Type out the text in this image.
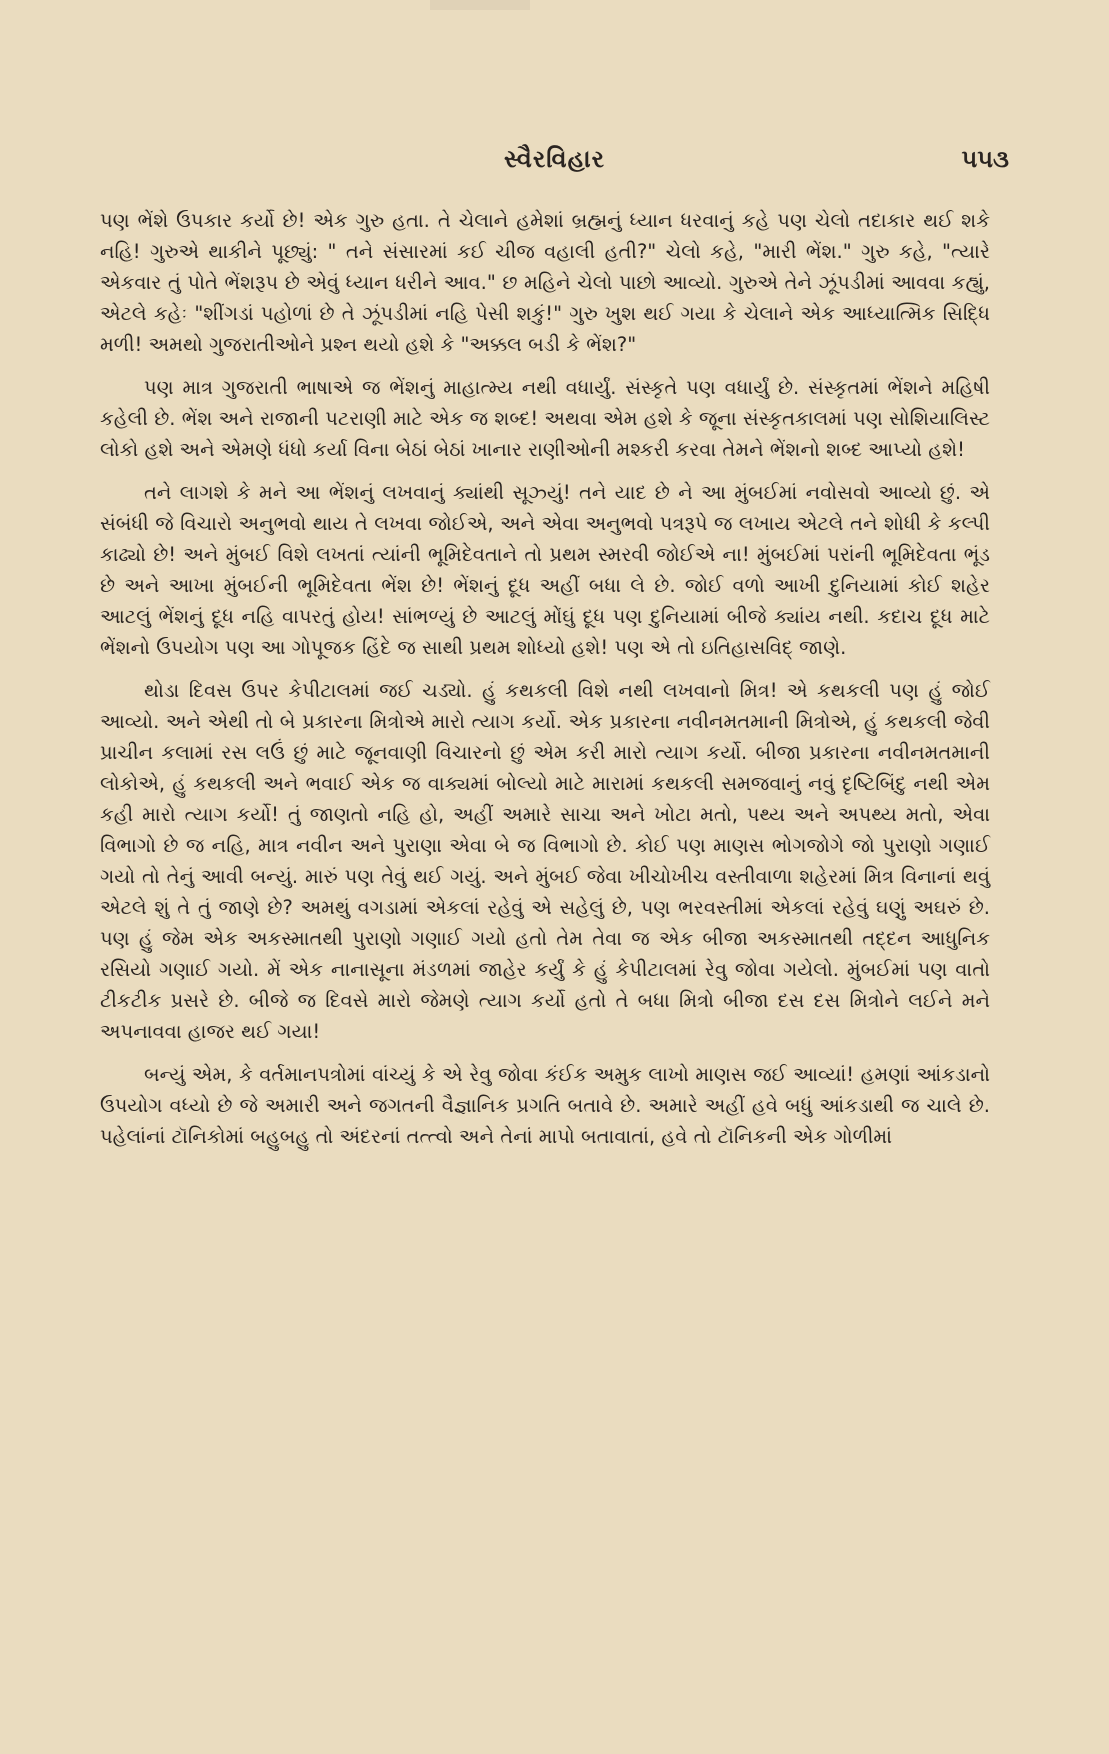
સ્વૈરવિહાર	૫૫૩

પણ ભેંશે ઉપકાર કર્યો છે! એક ગુરુ હતા. તે ચેલાને હમેશાં બ્રહ્મનું ધ્યાન ધરવાનું કહે પણ ચેલો તદાકાર થઈ શકે નહિ! ગુરુએ થાકીને પૂછ્યું: " તને સંસારમાં કઈ ચીજ વહાલી હતી?" ચેલો કહે, "મારી ભેંશ." ગુરુ કહે, "ત્યારે એકવાર તું પોતે ભેંશરૂપ છે એવું ધ્યાન ધરીને આવ." છ મહિને ચેલો પાછો આવ્યો. ગુરુએ તેને ઝૂંપડીમાં આવવા કહ્યું, એટલે કહેઃ "શીંગડાં પહોળાં છે તે ઝૂંપડીમાં નહિ પેસી શકું!" ગુરુ ખુશ થઈ ગયા કે ચેલાને એક આધ્યાત્મિક સિદ્ધિ મળી! અમથો ગુજરાતીઓને પ્રશ્ન થયો હશે કે "અક્કલ બડી કે ભેંશ?"

પણ માત્ર ગુજરાતી ભાષાએ જ ભેંશનું માહાત્મ્ય નથી વધાર્યું. સંસ્કૃતે પણ વધાર્યું છે. સંસ્કૃતમાં ભેંશને મહિષી કહેલી છે. ભેંશ અને રાજાની પટરાણી માટે એક જ શબ્દ! અથવા એમ હશે કે જૂના સંસ્કૃતકાલમાં પણ સોશિયાલિસ્ટ લોકો હશે અને એમણે ધંધો કર્યા વિના બેઠાં બેઠાં ખાનાર રાણીઓની મશ્કરી કરવા તેમને ભેંશનો શબ્દ આપ્યો હશે!

તને લાગશે કે મને આ ભેંશનું લખવાનું ક્યાંથી સૂઝ્યું! તને યાદ છે ને આ મુંબઈમાં નવોસવો આવ્યો છું. એ સંબંધી જે વિચારો અનુભવો થાય તે લખવા જોઈએ, અને એવા અનુભવો પત્રરૂપે જ લખાય એટલે તને શોધી કે કલ્પી કાઢ્યો છે! અને મુંબઈ વિશે લખતાં ત્યાંની ભૂમિદેવતાને તો પ્રથમ સ્મરવી જોઈએ ના! મુંબઈમાં પરાંની ભૂમિદેવતા ભૂંડ છે અને આખા મુંબઈની ભૂમિદેવતા ભેંશ છે! ભેંશનું દૂધ અહીં બધા લે છે. જોઈ વળો આખી દુનિયામાં કોઈ શહેર આટલું ભેંશનું દૂધ નહિ વાપરતું હોય! સાંભળ્યું છે આટલું મોંઘું દૂધ પણ દુનિયામાં બીજે ક્યાંય નથી. કદાચ દૂધ માટે ભેંશનો ઉપયોગ પણ આ ગોપૂજક હિંદે જ સાથી પ્રથમ શોધ્યો હશે! પણ એ તો ઇતિહાસવિદ્ જાણે.

થોડા દિવસ ઉપર કેપીટાલમાં જઈ ચડ્યો. હું કથકલી વિશે નથી લખવાનો મિત્ર! એ કથકલી પણ હું જોઈ આવ્યો. અને એથી તો બે પ્રકારના મિત્રોએ મારો ત્યાગ કર્યો. એક પ્રકારના નવીનમતમાની મિત્રોએ, હું કથકલી જેવી પ્રાચીન કલામાં રસ લઉં છું માટે જૂનવાણી વિચારનો છું એમ કરી મારો ત્યાગ કર્યો. બીજા પ્રકારના નવીનમતમાની લોકોએ, હું કથકલી અને ભવાઈ એક જ વાક્યમાં બોલ્યો માટે મારામાં કથકલી સમજવાનું નવું દૃષ્ટિબિંદુ નથી એમ કહી મારો ત્યાગ કર્યો! તું જાણતો નહિ હો, અહીં અમારે સાચા અને ખોટા મતો, પથ્ય અને અપથ્ય મતો, એવા વિભાગો છે જ નહિ, માત્ર નવીન અને પુરાણા એવા બે જ વિભાગો છે. કોઈ પણ માણસ ભોગજોગે જો પુરાણો ગણાઈ ગયો તો તેનું આવી બન્યું. મારું પણ તેવું થઈ ગયું. અને મુંબઈ જેવા ખીચોખીચ વસ્તીવાળા શહેરમાં મિત્ર વિનાનાં થવું એટલે શું તે તું જાણે છે? અમથું વગડામાં એકલાં રહેવું એ સહેલું છે, પણ ભરવસ્તીમાં એકલાં રહેવું ઘણું અઘરું છે. પણ હું જેમ એક અકસ્માતથી પુરાણો ગણાઈ ગયો હતો તેમ તેવા જ એક બીજા અકસ્માતથી તદ્દન આધુનિક રસિયો ગણાઈ ગયો. મેં એક નાનાસૂના મંડળમાં જાહેર કર્યું કે હું કેપીટાલમાં રેવુ જોવા ગયેલો. મુંબઈમાં પણ વાતો ટીકટીક પ્રસરે છે. બીજે જ દિવસે મારો જેમણે ત્યાગ કર્યો હતો તે બધા મિત્રો બીજા દસ દસ મિત્રોને લઈને મને અપનાવવા હાજર થઈ ગયા!

બન્યું એમ, કે વર્તમાનપત્રોમાં વાંચ્યું કે એ રેવુ જોવા કંઈક અમુક લાખો માણસ જઈ આવ્યાં! હમણાં આંકડાનો ઉપયોગ વધ્યો છે જે અમારી અને જગતની વૈજ્ઞાનિક પ્રગતિ બતાવે છે. અમારે અહીં હવે બધું આંકડાથી જ ચાલે છે. પહેલાંનાં ટૉનિકોમાં બહુબહુ તો અંદરનાં તત્ત્વો અને તેનાં માપો બતાવાતાં, હવે તો ટૉનિકની એક ગોળીમાં
